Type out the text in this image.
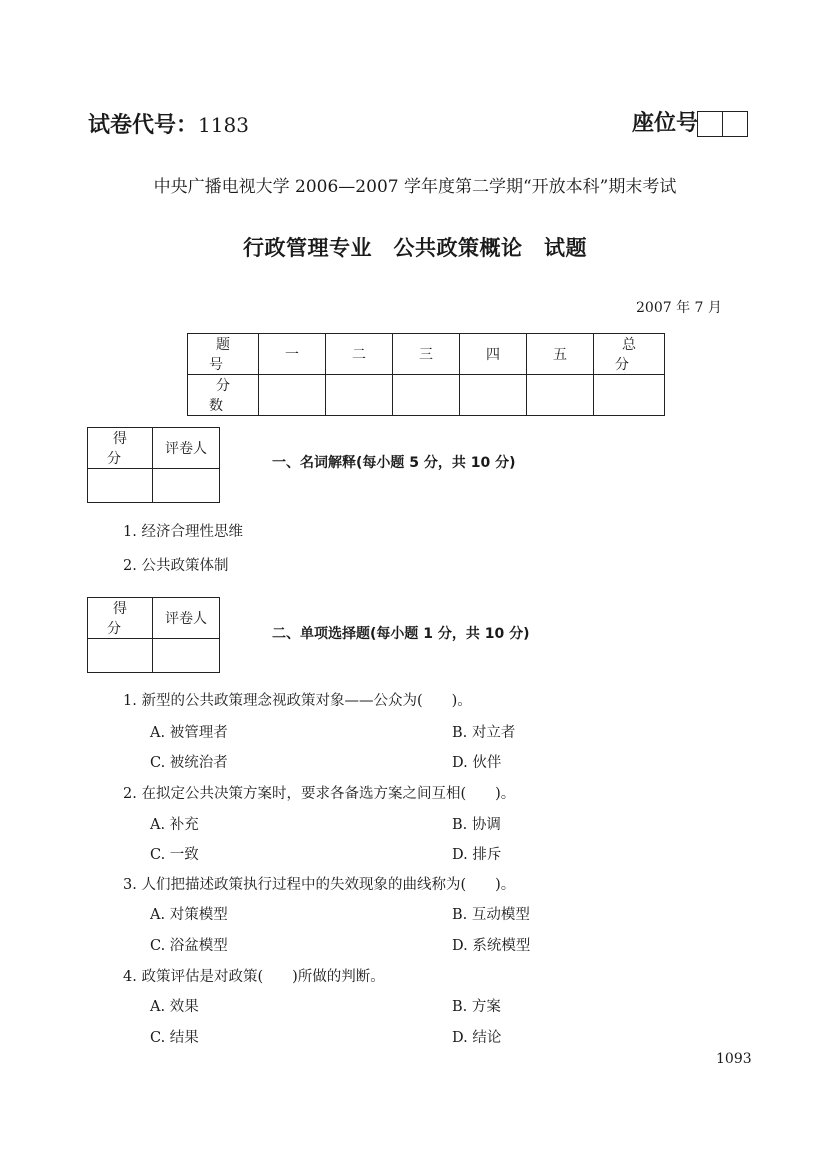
试卷代号：1183	座位号
中央广播电视大学 2006—2007 学年度第二学期“开放本科”期末考试
行政管理专业　公共政策概论　试题
2007 年 7 月
题　号	一	二	三	四	五	总　分
分　数						
得　分	评卷人

一、名词解释(每小题 5 分，共 10 分)
1. 经济合理性思维
2. 公共政策体制
得　分	评卷人

二、单项选择题(每小题 1 分，共 10 分)
1. 新型的公共政策理念视政策对象——公众为(　　)。
A. 被管理者	B. 对立者
C. 被统治者	D. 伙伴
2. 在拟定公共决策方案时，要求各备选方案之间互相(　　)。
A. 补充	B. 协调
C. 一致	D. 排斥
3. 人们把描述政策执行过程中的失效现象的曲线称为(　　)。
A. 对策模型	B. 互动模型
C. 浴盆模型	D. 系统模型
4. 政策评估是对政策(　　)所做的判断。
A. 效果	B. 方案
C. 结果	D. 结论
1093
